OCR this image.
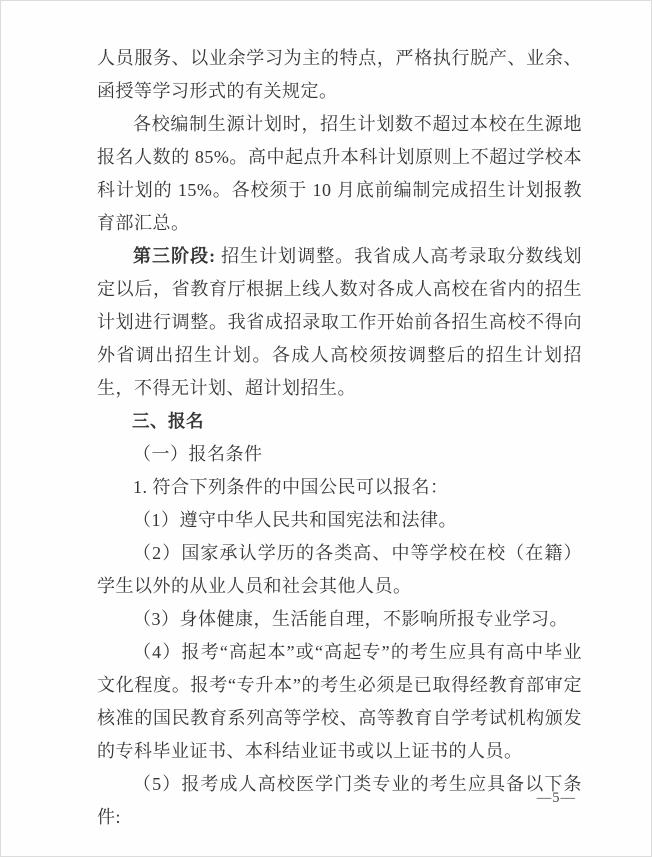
人员服务、以业余学习为主的特点，严格执行脱产、业余、函授等学习形式的有关规定。

各校编制生源计划时，招生计划数不超过本校在生源地报名人数的 85%。高中起点升本科计划原则上不超过学校本科计划的 15%。各校须于 10 月底前编制完成招生计划报教育部汇总。

第三阶段: 招生计划调整。我省成人高考录取分数线划定以后，省教育厅根据上线人数对各成人高校在省内的招生计划进行调整。我省成招录取工作开始前各招生高校不得向外省调出招生计划。各成人高校须按调整后的招生计划招生，不得无计划、超计划招生。

三、报名

（一）报名条件

1. 符合下列条件的中国公民可以报名：

（1）遵守中华人民共和国宪法和法律。

（2）国家承认学历的各类高、中等学校在校（在籍）学生以外的从业人员和社会其他人员。

（3）身体健康，生活能自理，不影响所报专业学习。

（4）报考“高起本”或“高起专”的考生应具有高中毕业文化程度。报考“专升本”的考生必须是已取得经教育部审定核准的国民教育系列高等学校、高等教育自学考试机构颁发的专科毕业证书、本科结业证书或以上证书的人员。

（5）报考成人高校医学门类专业的考生应具备以下条件:

—5—
